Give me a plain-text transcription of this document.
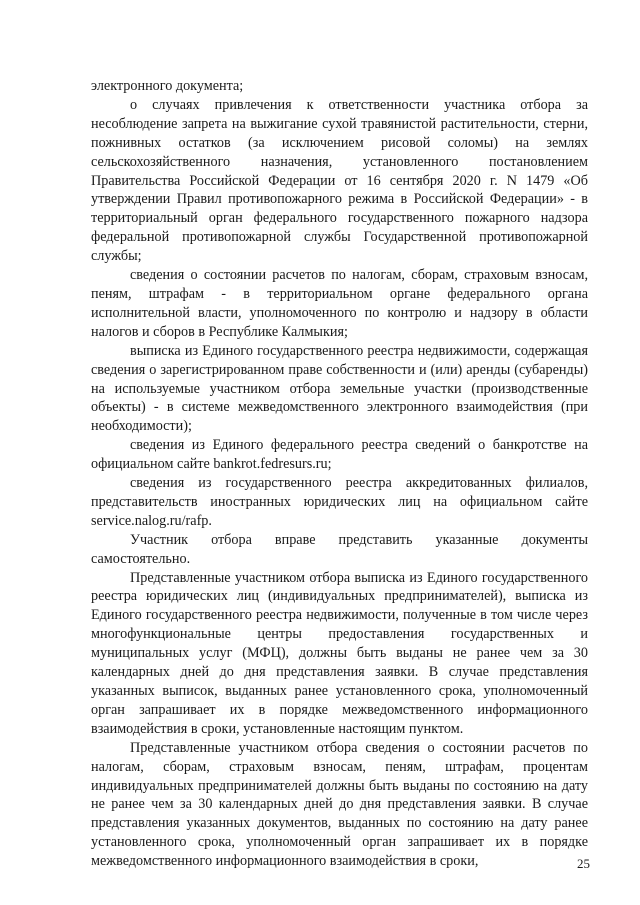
электронного документа;

о случаях привлечения к ответственности участника отбора за несоблюдение запрета на выжигание сухой травянистой растительности, стерни, пожнивных остатков (за исключением рисовой соломы) на землях сельскохозяйственного назначения, установленного постановлением Правительства Российской Федерации от 16 сентября 2020 г. N 1479 «Об утверждении Правил противопожарного режима в Российской Федерации» - в территориальный орган федерального государственного пожарного надзора федеральной противопожарной службы Государственной противопожарной службы;

сведения о состоянии расчетов по налогам, сборам, страховым взносам, пеням, штрафам - в территориальном органе федерального органа исполнительной власти, уполномоченного по контролю и надзору в области налогов и сборов в Республике Калмыкия;

выписка из Единого государственного реестра недвижимости, содержащая сведения о зарегистрированном праве собственности и (или) аренды (субаренды) на используемые участником отбора земельные участки (производственные объекты) - в системе межведомственного электронного взаимодействия (при необходимости);

сведения из Единого федерального реестра сведений о банкротстве на официальном сайте bankrot.fedresurs.ru;

сведения из государственного реестра аккредитованных филиалов, представительств иностранных юридических лиц на официальном сайте service.nalog.ru/rafp.

Участник отбора вправе представить указанные документы самостоятельно.

Представленные участником отбора выписка из Единого государственного реестра юридических лиц (индивидуальных предпринимателей), выписка из Единого государственного реестра недвижимости, полученные в том числе через многофункциональные центры предоставления государственных и муниципальных услуг (МФЦ), должны быть выданы не ранее чем за 30 календарных дней до дня представления заявки. В случае представления указанных выписок, выданных ранее установленного срока, уполномоченный орган запрашивает их в порядке межведомственного информационного взаимодействия в сроки, установленные настоящим пунктом.

Представленные участником отбора сведения о состоянии расчетов по налогам, сборам, страховым взносам, пеням, штрафам, процентам индивидуальных предпринимателей должны быть выданы по состоянию на дату не ранее чем за 30 календарных дней до дня представления заявки. В случае представления указанных документов, выданных по состоянию на дату ранее установленного срока, уполномоченный орган запрашивает их в порядке межведомственного информационного взаимодействия в сроки,	25
